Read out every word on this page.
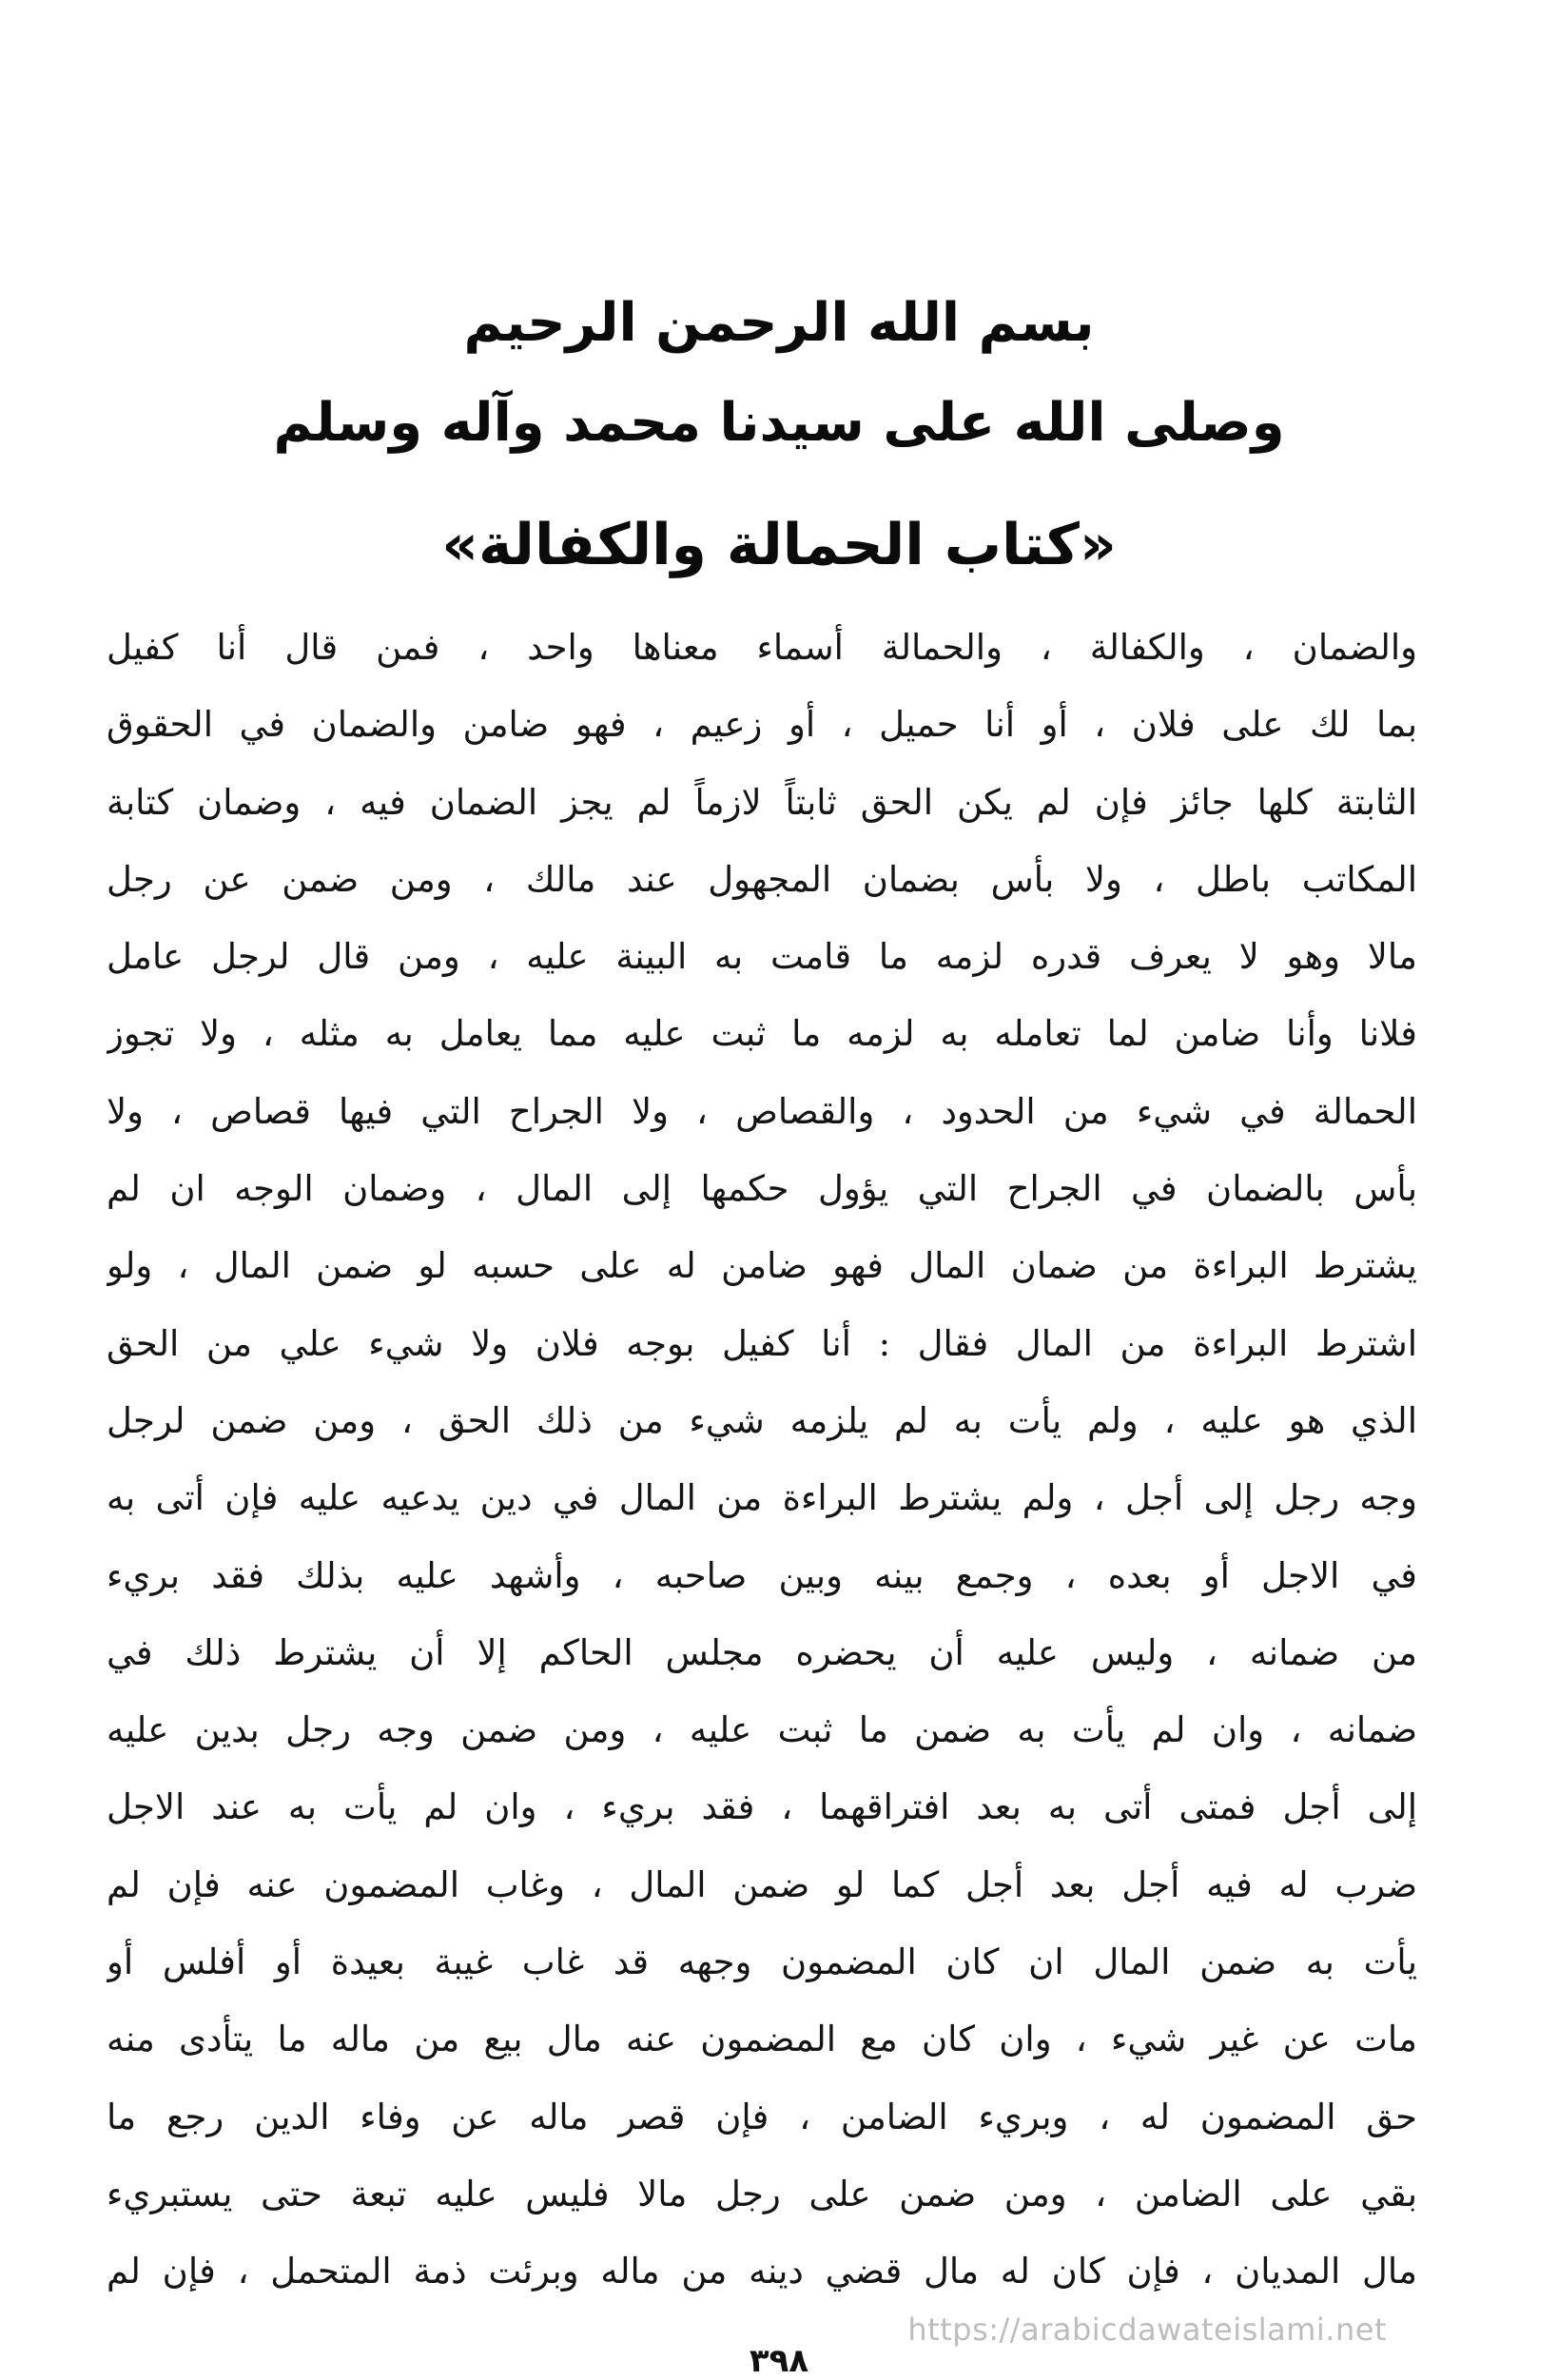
بسم الله الرحمن الرحيم
وصلى الله على سيدنا محمد وآله وسلم
«كتاب الحمالة والكفالة»
والضمان ، والكفالة ، والحمالة أسماء معناها واحد ، فمن قال أنا كفيل
بما لك على فلان ، أو أنا حميل ، أو زعيم ، فهو ضامن والضمان في الحقوق
الثابتة كلها جائز فإن لم يكن الحق ثابتاً لازماً لم يجز الضمان فيه ، وضمان كتابة
المكاتب باطل ، ولا بأس بضمان المجهول عند مالك ، ومن ضمن عن رجل
مالا وهو لا يعرف قدره لزمه ما قامت به البينة عليه ، ومن قال لرجل عامل
فلانا وأنا ضامن لما تعامله به لزمه ما ثبت عليه مما يعامل به مثله ، ولا تجوز
الحمالة في شيء من الحدود ، والقصاص ، ولا الجراح التي فيها قصاص ، ولا
بأس بالضمان في الجراح التي يؤول حكمها إلى المال ، وضمان الوجه ان لم
يشترط البراءة من ضمان المال فهو ضامن له على حسبه لو ضمن المال ، ولو
اشترط البراءة من المال فقال : أنا كفيل بوجه فلان ولا شيء علي من الحق
الذي هو عليه ، ولم يأت به لم يلزمه شيء من ذلك الحق ، ومن ضمن لرجل
وجه رجل إلى أجل ، ولم يشترط البراءة من المال في دين يدعيه عليه فإن أتى به
في الاجل أو بعده ، وجمع بينه وبين صاحبه ، وأشهد عليه بذلك فقد بريء
من ضمانه ، وليس عليه أن يحضره مجلس الحاكم إلا أن يشترط ذلك في
ضمانه ، وان لم يأت به ضمن ما ثبت عليه ، ومن ضمن وجه رجل بدين عليه
إلى أجل فمتى أتى به بعد افتراقهما ، فقد بريء ، وان لم يأت به عند الاجل
ضرب له فيه أجل بعد أجل كما لو ضمن المال ، وغاب المضمون عنه فإن لم
يأت به ضمن المال ان كان المضمون وجهه قد غاب غيبة بعيدة أو أفلس أو
مات عن غير شيء ، وان كان مع المضمون عنه مال بيع من ماله ما يتأدى منه
حق المضمون له ، وبريء الضامن ، فإن قصر ماله عن وفاء الدين رجع ما
بقي على الضامن ، ومن ضمن على رجل مالا فليس عليه تبعة حتى يستبريء
مال المديان ، فإن كان له مال قضي دينه من ماله وبرئت ذمة المتحمل ، فإن لم
https://arabicdawateislami.net
٣٩٨
